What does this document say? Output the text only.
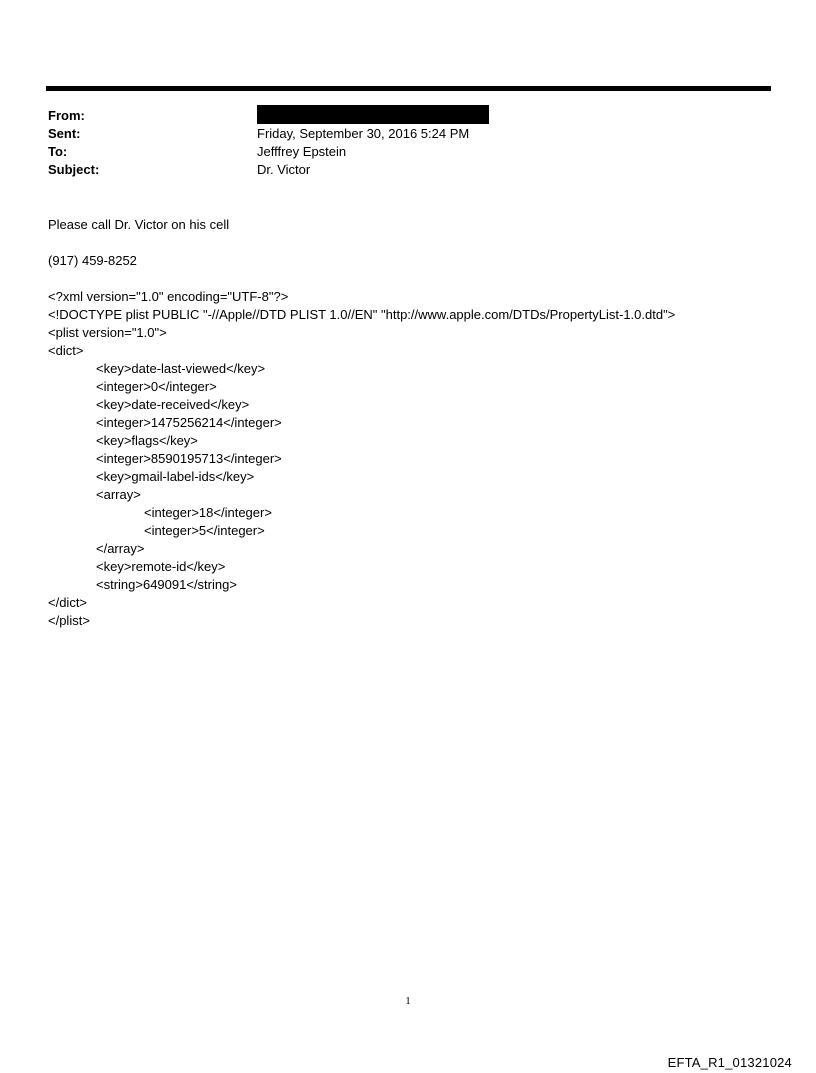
From:
Sent:	Friday, September 30, 2016 5:24 PM
To:	Jefffrey Epstein
Subject:	Dr. Victor
Please call Dr. Victor on his cell
(917) 459-8252
<?xml version="1.0" encoding="UTF-8"?>
<!DOCTYPE plist PUBLIC "-//Apple//DTD PLIST 1.0//EN" "http://www.apple.com/DTDs/PropertyList-1.0.dtd">
<plist version="1.0">
<dict>
<key>date-last-viewed</key>
<integer>0</integer>
<key>date-received</key>
<integer>1475256214</integer>
<key>flags</key>
<integer>8590195713</integer>
<key>gmail-label-ids</key>
<array>
<integer>18</integer>
<integer>5</integer>
</array>
<key>remote-id</key>
<string>649091</string>
</dict>
</plist>
1
EFTA_R1_01321024
